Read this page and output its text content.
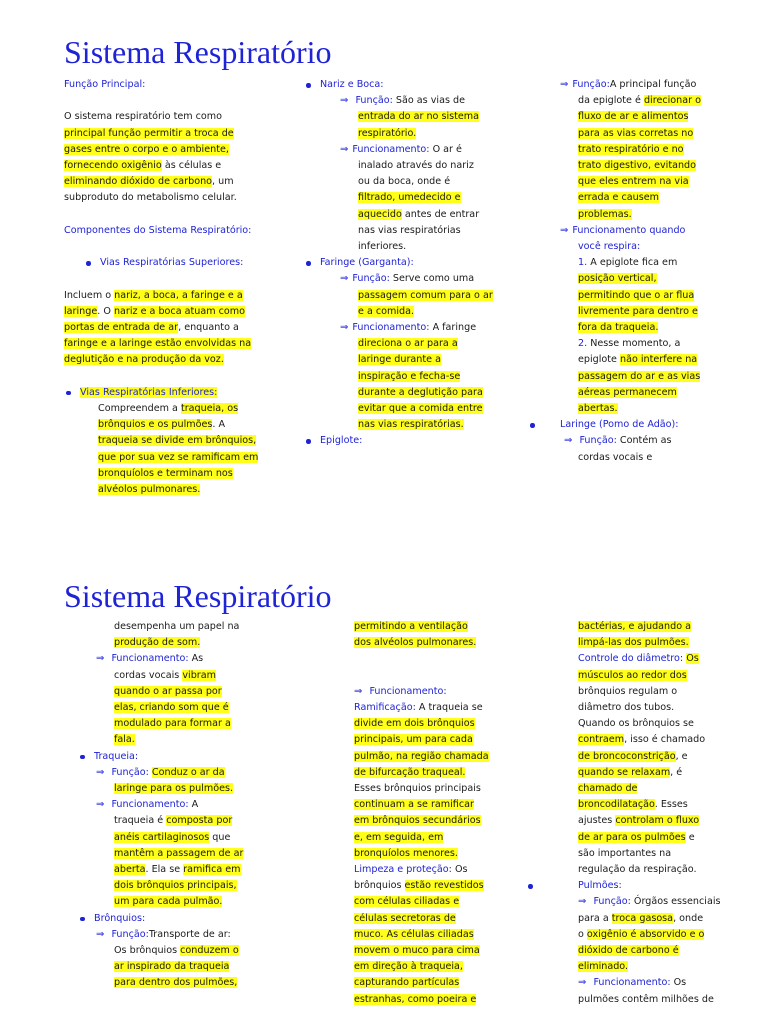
Sistema Respiratório

Função Principal:

O sistema respiratório tem como

principal função permitir a troca de

gases entre o corpo e o ambiente,

fornecendo oxigênio às células e

eliminando dióxido de carbono, um

subproduto do metabolismo celular.

Componentes do Sistema Respiratório:

Vias Respiratórias Superiores:

Incluem o nariz, a boca, a faringe e a

laringe. O nariz e a boca atuam como

portas de entrada de ar, enquanto a

faringe e a laringe estão envolvidas na

deglutição e na produção da voz.

Vias Respiratórias Inferiores:

Compreendem a traqueia, os

brônquios e os pulmões. A

traqueia se divide em brônquios,

que por sua vez se ramificam em

bronquíolos e terminam nos

alvéolos pulmonares.

Nariz e Boca:

⇒ Função: São as vias de

entrada do ar no sistema

respiratório.

⇒ Funcionamento: O ar é

inalado através do nariz

ou da boca, onde é

filtrado, umedecido e

aquecido antes de entrar

nas vias respiratórias

inferiores.

Faringe (Garganta):

⇒ Função: Serve como uma

passagem comum para o ar

e a comida.

⇒ Funcionamento: A faringe

direciona o ar para a

laringe durante a

inspiração e fecha-se

durante a deglutição para

evitar que a comida entre

nas vias respiratórias.

Epiglote:

⇒ Função:A principal função

da epiglote é direcionar o

fluxo de ar e alimentos

para as vias corretas no

trato respiratório e no

trato digestivo, evitando

que eles entrem na via

errada e causem

problemas.

⇒ Funcionamento quando

você respira:

1. A epiglote fica em

posição vertical,

permitindo que o ar flua

livremente para dentro e

fora da traqueia.

2. Nesse momento, a

epiglote não interfere na

passagem do ar e as vias

aéreas permanecem

abertas.

Laringe (Pomo de Adão):

⇒ Função: Contém as

cordas vocais e

Sistema Respiratório

desempenha um papel na

produção de som.

⇒ Funcionamento: As

cordas vocais vibram

quando o ar passa por

elas, criando som que é

modulado para formar a

fala.

Traqueia:

⇒ Função: Conduz o ar da

laringe para os pulmões.

⇒ Funcionamento: A

traqueia é composta por

anéis cartilaginosos que

mantêm a passagem de ar

aberta. Ela se ramifica em

dois brônquios principais,

um para cada pulmão.

Brônquios:

⇒ Função:Transporte de ar:

Os brônquios conduzem o

ar inspirado da traqueia

para dentro dos pulmões,

permitindo a ventilação

dos alvéolos pulmonares.

⇒ Funcionamento:

Ramificação: A traqueia se

divide em dois brônquios

principais, um para cada

pulmão, na região chamada

de bifurcação traqueal.

Esses brônquios principais

continuam a se ramificar

em brônquios secundários

e, em seguida, em

bronquíolos menores.

Limpeza e proteção: Os

brônquios estão revestidos

com células ciliadas e

células secretoras de

muco. As células ciliadas

movem o muco para cima

em direção à traqueia,

capturando partículas

estranhas, como poeira e

bactérias, e ajudando a

limpá-las dos pulmões.

Controle do diâmetro: Os

músculos ao redor dos

brônquios regulam o

diâmetro dos tubos.

Quando os brônquios se

contraem, isso é chamado

de broncoconstrição, e

quando se relaxam, é

chamado de

broncodilatação. Esses

ajustes controlam o fluxo

de ar para os pulmões e

são importantes na

regulação da respiração.

Pulmões:

⇒ Função: Órgãos essenciais

para a troca gasosa, onde

o oxigênio é absorvido e o

dióxido de carbono é

eliminado.

⇒ Funcionamento: Os

pulmões contêm milhões de
